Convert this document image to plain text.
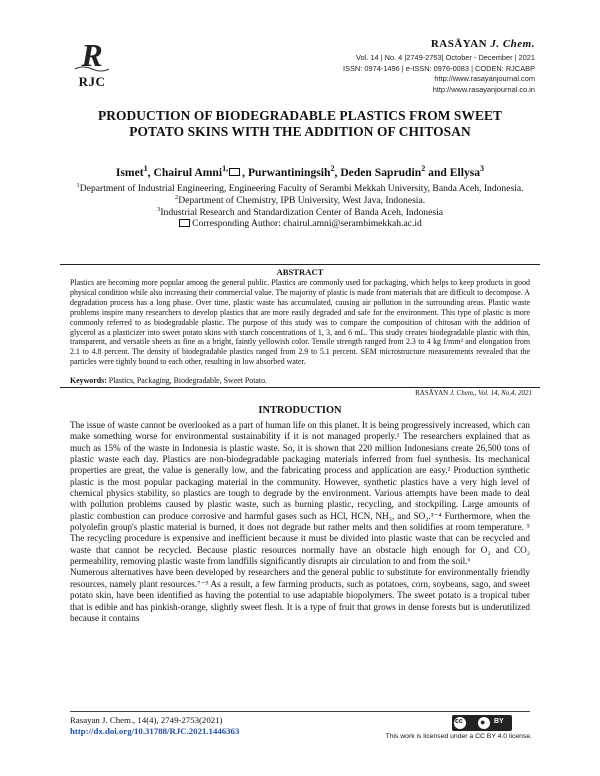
R
RJC
RASĀYAN J. Chem.
Vol. 14 | No. 4 |2749-2753| October - December | 2021
ISSN: 0974-1496 | e-ISSN: 0976-0083 | CODEN: RJCABP
http://www.rasayanjournal.com
http://www.rasayanjournal.co.in
PRODUCTION OF BIODEGRADABLE PLASTICS FROM SWEET POTATO SKINS WITH THE ADDITION OF CHITOSAN
Ismet$^1$, Chairul Amni$^{1,}$ , Purwantiningsih$^2$, Deden Saprudin$^2$ and Ellysa$^3$
$^1$Department of Industrial Engineering, Engineering Faculty of Serambi Mekkah University, Banda Aceh, Indonesia.
$^2$Department of Chemistry, IPB University, West Java, Indonesia.
$^3$Industrial Research and Standardization Center of Banda Aceh, Indonesia
Corresponding Author: chairul.amni@serambimekkah.ac.id
ABSTRACT
Plastics are becoming more popular among the general public. Plastics are commonly used for packaging, which helps to keep products in good physical condition while also increasing their commercial value. The majority of plastic is made from materials that are difficult to decompose. A degradation process has a long phase. Over time, plastic waste has accumulated, causing air pollution in the surrounding areas. Plastic waste problems inspire many researchers to develop plastics that are more easily degraded and safe for the environment. This type of plastic is more commonly referred to as biodegradable plastic. The purpose of this study was to compare the composition of chitosan with the addition of glycerol as a plasticizer into sweet potato skins with starch concentrations of 1, 3, and 6 mL. This study creates biodegradable plastic with thin, transparent, and versatile sheets as fine as a bright, faintly yellowish color. Tensile strength ranged from 2.3 to 4 kg f/mm² and elongation from 2.1 to 4.8 percent. The density of biodegradable plastics ranged from 2.9 to 5.1 percent. SEM microstructure measurements revealed that the particles were tightly bound to each other, resulting in low absorbed water.
Keywords: Plastics, Packaging, Biodegradable, Sweet Potato.
RASĀYAN J. Chem., Vol. 14, No.4, 2021
INTRODUCTION

The issue of waste cannot be overlooked as a part of human life on this planet. It is being progressively increased, which can make something worse for environmental sustainability if it is not managed properly.¹ The researchers explained that as much as 15% of the waste in Indonesia is plastic waste. So, it is shown that 220 million Indonesians create 26,500 tons of plastic waste each day. Plastics are non-biodegradable packaging materials inferred from fuel synthesis. Its mechanical properties are great, the value is generally low, and the fabricating process and application are easy.² Production synthetic plastic is the most popular packaging material in the community. However, synthetic plastics have a very high level of chemical physics stability, so plastics are tough to degrade by the environment. Various attempts have been made to deal with pollution problems caused by plastic waste, such as burning plastic, recycling, and stockpiling. Large amounts of plastic combustion can produce corrosive and harmful gases such as HCl, HCN, NH₃, and SO₂.³⁻⁴ Furthermore, when the polyolefin group's plastic material is burned, it does not degrade but rather melts and then solidifies at room temperature. ⁵ The recycling procedure is expensive and inefficient because it must be divided into plastic waste that can be recycled and waste that cannot be recycled. Because plastic resources normally have an obstacle high enough for O₂ and CO₂ permeability, removing plastic waste from landfills significantly disrupts air circulation to and from the soil.⁶

Numerous alternatives have been developed by researchers and the general public to substitute for environmentally friendly resources, namely plant resources.⁷⁻⁹ As a result, a few farming products, such as potatoes, corn, soybeans, sago, and sweet potato skin, have been identified as having the potential to use adaptable biopolymers. The sweet potato is a tropical tuber that is edible and has pinkish-orange, slightly sweet flesh. It is a type of fruit that grows in dense forests but is underutilized because it contains

Rasayan J. Chem., 14(4), 2749-2753(2021)
http://dx.doi.org/10.31788/RJC.2021.1446363
cc ● BY
This work is licensed under a CC BY 4.0 license.
